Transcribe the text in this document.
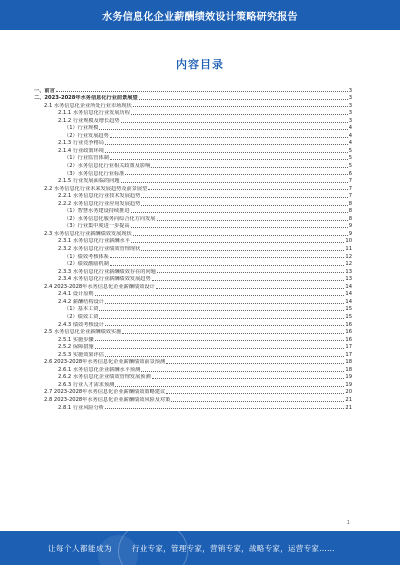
水务信息化企业薪酬绩效设计策略研究报告
内容目录
一、前言	3
二、2023-2028年水务信息化行业前景展望	3
2.1 水务信息化企业所处行业市场现状	3
2.1.1 水务信息化行业发展历程	3
2.1.2 行业规模及增长趋势	3
（1）行业规模	4
（2）行业发展趋势	4
2.1.3 行业竞争格局	4
2.1.4 行业政策环境	5
（1）行业监管体制	5
（2）水务信息化行业相关政策及影响	5
（3）水务信息化行业标准	6
2.1.5 行业发展面临的问题	7
2.2 水务信息化行业未来发展趋势及前景展望	7
2.2.1 水务信息化行业技术发展趋势	7
2.2.2 水务信息化行业应用发展趋势	8
（1）智慧水务建设持续推进	8
（2）水务信息化服务向综合化方向发展	8
（3）行业集中度进一步提高	9
2.3 水务信息化行业薪酬绩效发展现状	9
2.3.1 水务信息化行业薪酬水平	10
2.3.2 水务信息化行业绩效管理现状	11
（1）绩效考核体系	12
（2）绩效激励机制	12
2.3.3 水务信息化行业薪酬绩效存在的问题	13
2.3.4 水务信息化行业薪酬绩效发展趋势	13
2.4 2023-2028年水务信息化企业薪酬绩效设计	14
2.4.1 设计原则	14
2.4.2 薪酬结构设计	14
（1）基本工资	15
（2）绩效工资	15
2.4.3 绩效考核设计	16
2.5 水务信息化企业薪酬绩效实施	16
2.5.1 实施步骤	16
2.5.2 保障措施	17
2.5.3 实施效果评估	17
2.6 2023-2028年水务信息化企业薪酬绩效前景预测	18
2.6.1 水务信息化企业薪酬水平预测	18
2.6.2 水务信息化企业绩效管理发展预测	19
2.6.3 行业人才需求预测	19
2.7 2023-2028年水务信息化企业薪酬绩效策略建议	20
2.8 2023-2028年水务信息化企业薪酬绩效风险及对策	21
2.8.1 行业风险分析	21
1
让每个人都能成为	行业专家，管理专家，营销专家，战略专家，运营专家……
